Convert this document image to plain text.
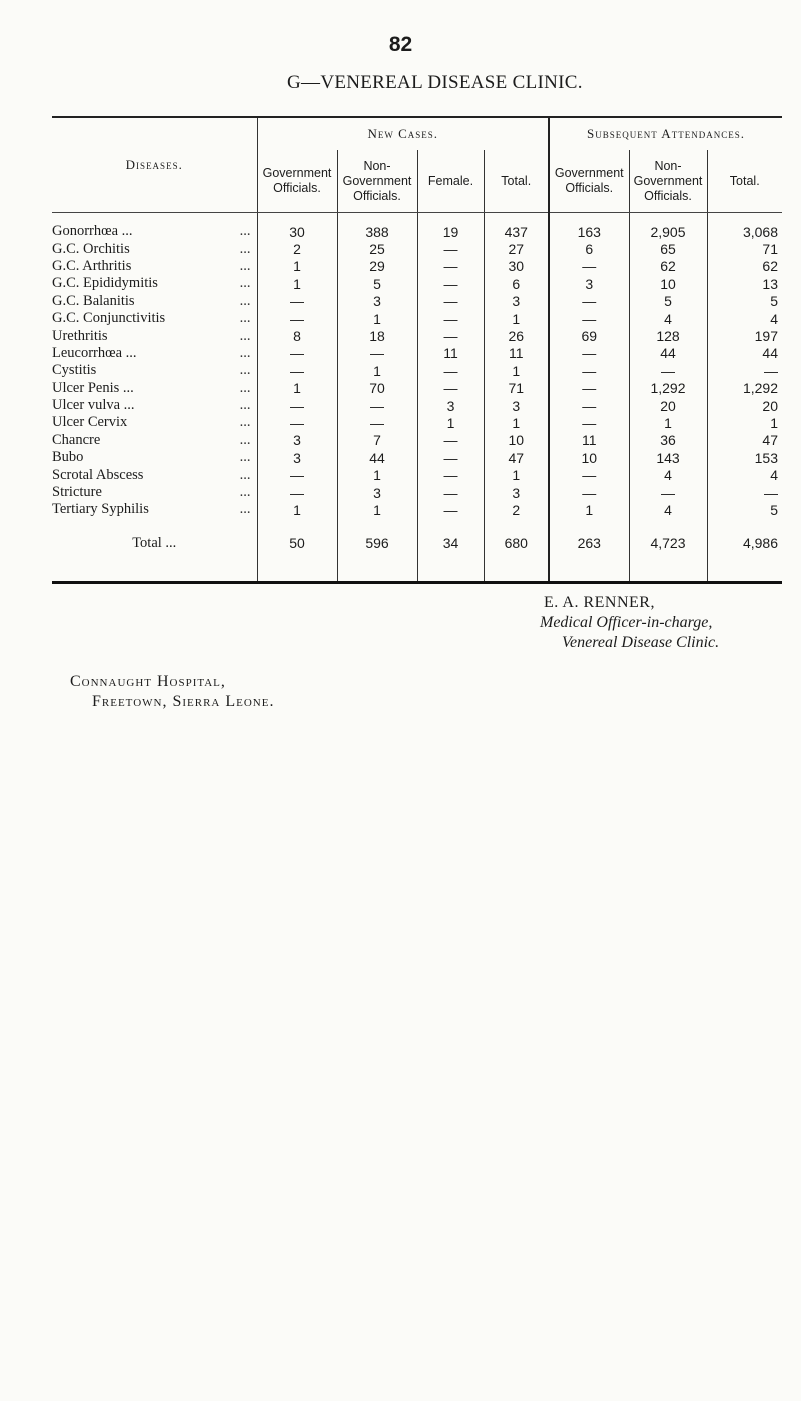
82
G—VENEREAL DISEASE CLINIC.
Diseases.	New Cases.				Subsequent Attendances.		
	Government Officials.	Non-Government Officials.	Female.	Total.	Government Officials.	Non-Government Officials.	Total.
Gonorrhœa ... ...	30	388	19	437	163	2,905	3,068
G.C. Orchitis ...	2	25	—	27	6	65	71
G.C. Arthritis ...	1	29	—	30	—	62	62
G.C. Epididymitis ...	1	5	—	6	3	10	13
G.C. Balanitis ...	—	3	—	3	—	5	5
G.C. Conjunctivitis ...	—	1	—	1	—	4	4
Urethritis ...	8	18	—	26	69	128	197
Leucorrhœa ... ...	—	—	11	11	—	44	44
Cystitis ...	—	1	—	1	—	—	—
Ulcer Penis ... ...	1	70	—	71	—	1,292	1,292
Ulcer vulva ... ...	—	—	3	3	—	20	20
Ulcer Cervix ...	—	—	1	1	—	1	1
Chancre ...	3	7	—	10	11	36	47
Bubo ...	3	44	—	47	10	143	153
Scrotal Abscess ...	—	1	—	1	—	4	4
Stricture ...	—	3	—	3	—	—	—
Tertiary Syphilis ...	1	1	—	2	1	4	5

Total ...	50	596	34	680	263	4,723	4,986
E. A. RENNER,
Medical Officer-in-charge,
Venereal Disease Clinic.
Connaught Hospital,
Freetown, Sierra Leone.
